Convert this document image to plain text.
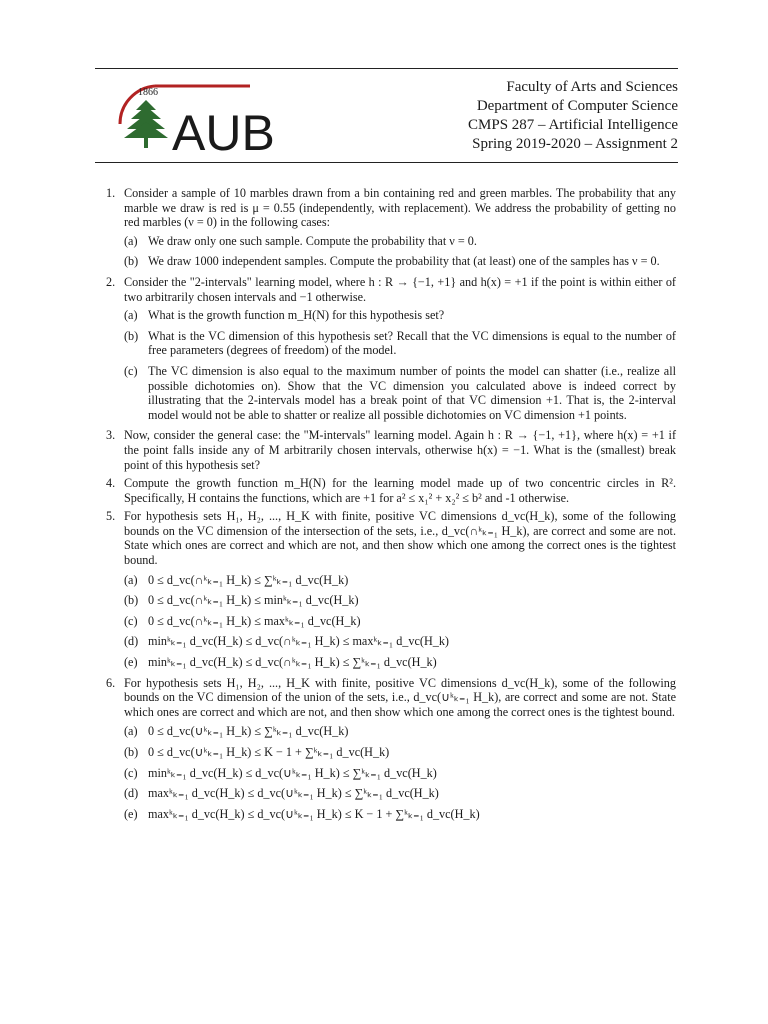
1866
AUB
Faculty of Arts and Sciences
Department of Computer Science
CMPS 287 – Artificial Intelligence
Spring 2019-2020 – Assignment 2
1. Consider a sample of 10 marbles drawn from a bin containing red and green marbles. The probability that any marble we draw is red is μ = 0.55 (independently, with replacement). We address the probability of getting no red marbles (ν = 0) in the following cases:
(a) We draw only one such sample. Compute the probability that ν = 0.
(b) We draw 1000 independent samples. Compute the probability that (at least) one of the samples has ν = 0.
2. Consider the "2-intervals" learning model, where h : R → {−1, +1} and h(x) = +1 if the point is within either of two arbitrarily chosen intervals and −1 otherwise.
(a) What is the growth function m_H(N) for this hypothesis set?
(b) What is the VC dimension of this hypothesis set? Recall that the VC dimensions is equal to the number of free parameters (degrees of freedom) of the model.
(c) The VC dimension is also equal to the maximum number of points the model can shatter (i.e., realize all possible dichotomies on). Show that the VC dimension you calculated above is indeed correct by illustrating that the 2-intervals model has a break point of that VC dimension +1. That is, the 2-interval model would not be able to shatter or realize all possible dichotomies on VC dimension +1 points.
3. Now, consider the general case: the "M-intervals" learning model. Again h : R → {−1, +1}, where h(x) = +1 if the point falls inside any of M arbitrarily chosen intervals, otherwise h(x) = −1. What is the (smallest) break point of this hypothesis set?
4. Compute the growth function m_H(N) for the learning model made up of two concentric circles in R². Specifically, H contains the functions, which are +1 for a² ≤ x₁² + x₂² ≤ b² and -1 otherwise.
5. For hypothesis sets H₁, H₂, ..., H_K with finite, positive VC dimensions d_vc(H_k), some of the following bounds on the VC dimension of the intersection of the sets, i.e., d_vc(∩ᵏₖ₌₁ H_k), are correct and some are not. State which ones are correct and which are not, and then show which one among the correct ones is the tightest bound.
(a) 0 ≤ d_vc(∩ᵏₖ₌₁ H_k) ≤ ∑ᵏₖ₌₁ d_vc(H_k)
(b) 0 ≤ d_vc(∩ᵏₖ₌₁ H_k) ≤ minᵏₖ₌₁ d_vc(H_k)
(c) 0 ≤ d_vc(∩ᵏₖ₌₁ H_k) ≤ maxᵏₖ₌₁ d_vc(H_k)
(d) minᵏₖ₌₁ d_vc(H_k) ≤ d_vc(∩ᵏₖ₌₁ H_k) ≤ maxᵏₖ₌₁ d_vc(H_k)
(e) minᵏₖ₌₁ d_vc(H_k) ≤ d_vc(∩ᵏₖ₌₁ H_k) ≤ ∑ᵏₖ₌₁ d_vc(H_k)
6. For hypothesis sets H₁, H₂, ..., H_K with finite, positive VC dimensions d_vc(H_k), some of the following bounds on the VC dimension of the union of the sets, i.e., d_vc(∪ᵏₖ₌₁ H_k), are correct and some are not. State which ones are correct and which are not, and then show which one among the correct ones is the tightest bound.
(a) 0 ≤ d_vc(∪ᵏₖ₌₁ H_k) ≤ ∑ᵏₖ₌₁ d_vc(H_k)
(b) 0 ≤ d_vc(∪ᵏₖ₌₁ H_k) ≤ K − 1 + ∑ᵏₖ₌₁ d_vc(H_k)
(c) minᵏₖ₌₁ d_vc(H_k) ≤ d_vc(∪ᵏₖ₌₁ H_k) ≤ ∑ᵏₖ₌₁ d_vc(H_k)
(d) maxᵏₖ₌₁ d_vc(H_k) ≤ d_vc(∪ᵏₖ₌₁ H_k) ≤ ∑ᵏₖ₌₁ d_vc(H_k)
(e) maxᵏₖ₌₁ d_vc(H_k) ≤ d_vc(∪ᵏₖ₌₁ H_k) ≤ K − 1 + ∑ᵏₖ₌₁ d_vc(H_k)
